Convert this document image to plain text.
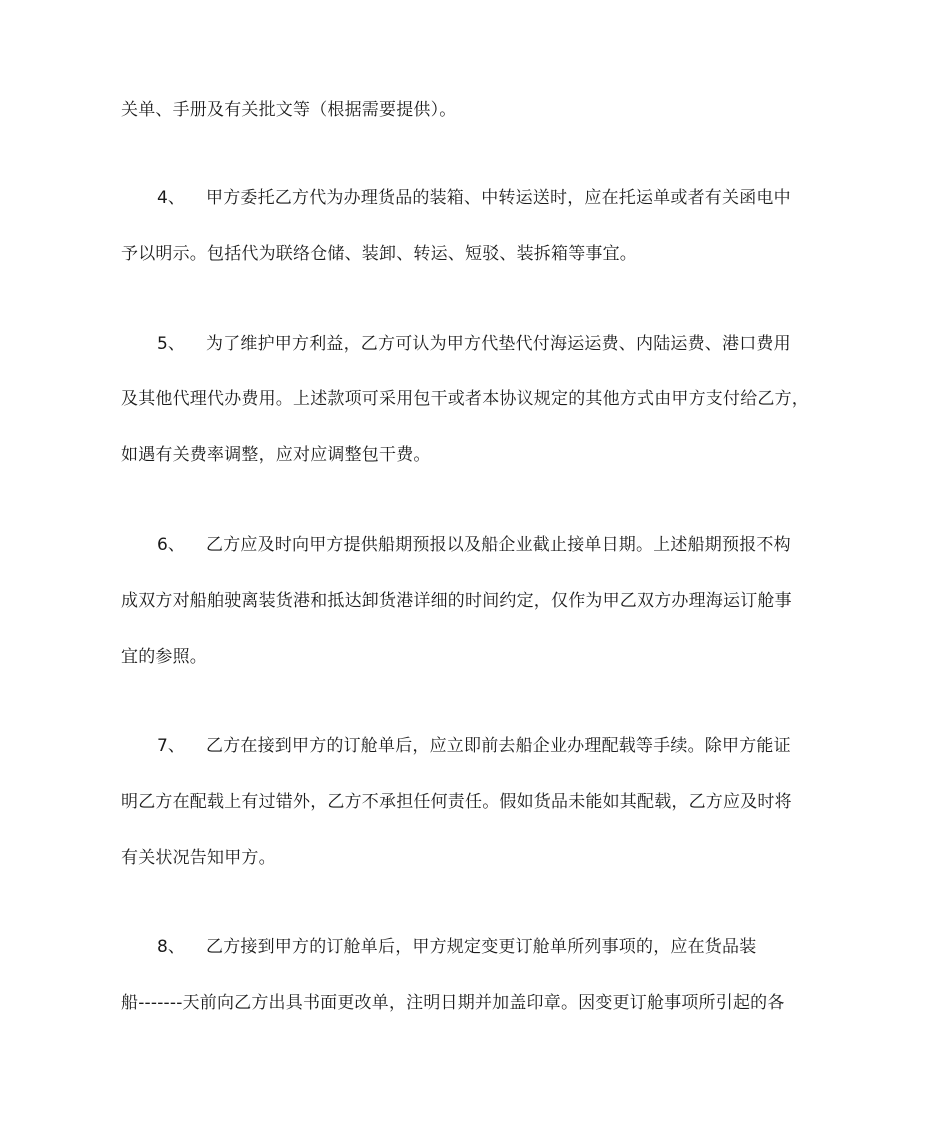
关单、手册及有关批文等（根据需要提供）。
4、 甲方委托乙方代为办理货品的装箱、中转运送时，应在托运单或者有关函电中
予以明示。包括代为联络仓储、装卸、转运、短驳、装拆箱等事宜。
5、 为了维护甲方利益，乙方可认为甲方代垫代付海运运费、内陆运费、港口费用
及其他代理代办费用。上述款项可采用包干或者本协议规定的其他方式由甲方支付给乙方，
如遇有关费率调整，应对应调整包干费。
6、 乙方应及时向甲方提供船期预报以及船企业截止接单日期。上述船期预报不构
成双方对船舶驶离装货港和抵达卸货港详细的时间约定，仅作为甲乙双方办理海运订舱事
宜的参照。
7、 乙方在接到甲方的订舱单后，应立即前去船企业办理配载等手续。除甲方能证
明乙方在配载上有过错外，乙方不承担任何责任。假如货品未能如其配载，乙方应及时将
有关状况告知甲方。
8、 乙方接到甲方的订舱单后，甲方规定变更订舱单所列事项的，应在货品装
船-------天前向乙方出具书面更改单，注明日期并加盖印章。因变更订舱事项所引起的各
